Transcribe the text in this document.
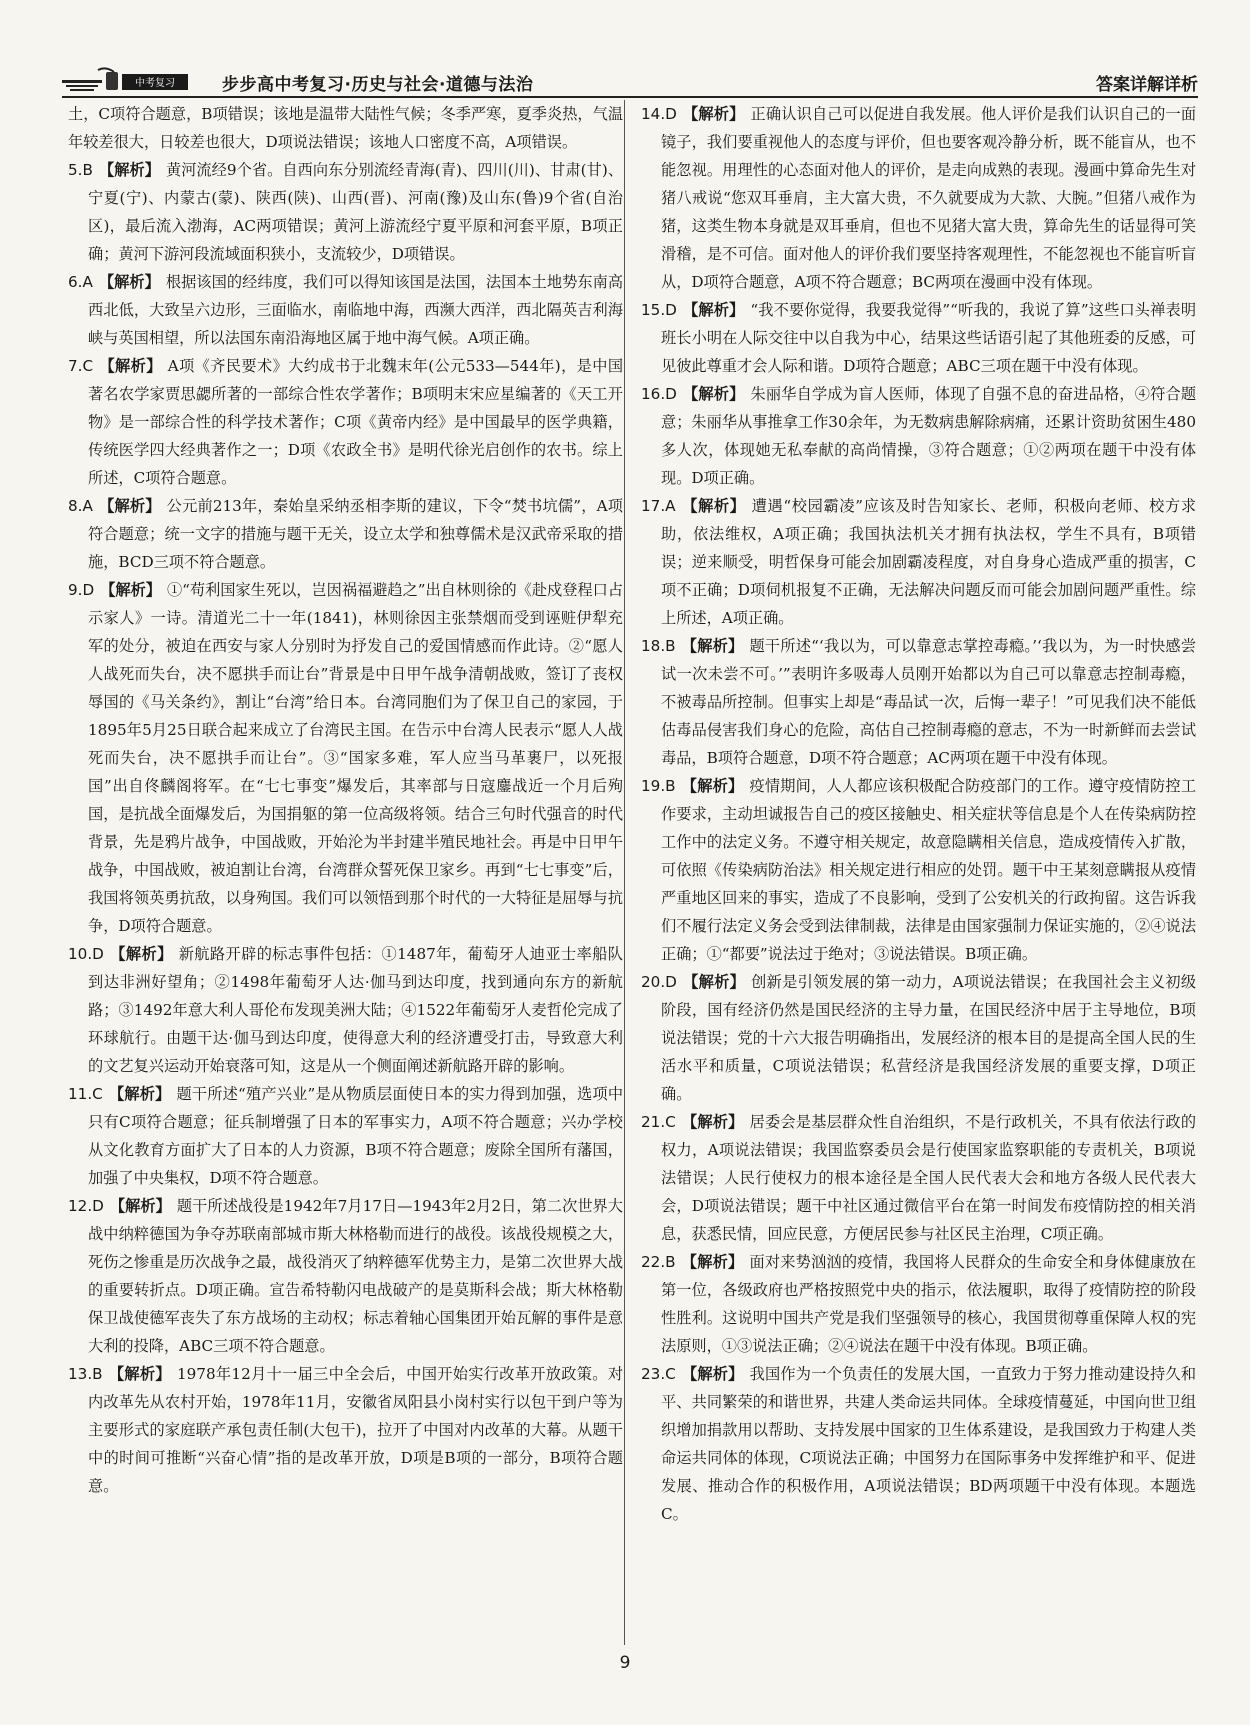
中考复习	步步高中考复习·历史与社会·道德与法治	答案详解详析

土，C项符合题意，B项错误；该地是温带大陆性气候；冬季严寒，夏季炎热，气温年较差很大，日较差也很大，D项说法错误；该地人口密度不高，A项错误。

5.B 【解析】 黄河流经9个省。自西向东分别流经青海(青)、四川(川)、甘肃(甘)、宁夏(宁)、内蒙古(蒙)、陕西(陕)、山西(晋)、河南(豫)及山东(鲁)9个省(自治区)，最后流入渤海，AC两项错误；黄河上游流经宁夏平原和河套平原，B项正确；黄河下游河段流域面积狭小，支流较少，D项错误。

6.A 【解析】 根据该国的经纬度，我们可以得知该国是法国，法国本土地势东南高西北低，大致呈六边形，三面临水，南临地中海，西濒大西洋，西北隔英吉利海峡与英国相望，所以法国东南沿海地区属于地中海气候。A项正确。

7.C 【解析】 A项《齐民要术》大约成书于北魏末年(公元533—544年)，是中国著名农学家贾思勰所著的一部综合性农学著作；B项明末宋应星编著的《天工开物》是一部综合性的科学技术著作；C项《黄帝内经》是中国最早的医学典籍，传统医学四大经典著作之一；D项《农政全书》是明代徐光启创作的农书。综上所述，C项符合题意。

8.A 【解析】 公元前213年，秦始皇采纳丞相李斯的建议，下令“焚书坑儒”，A项符合题意；统一文字的措施与题干无关，设立太学和独尊儒术是汉武帝采取的措施，BCD三项不符合题意。

9.D 【解析】 ①“苟利国家生死以，岂因祸福避趋之”出自林则徐的《赴戍登程口占示家人》一诗。清道光二十一年(1841)，林则徐因主张禁烟而受到诬赃伊犁充军的处分，被迫在西安与家人分别时为抒发自己的爱国情感而作此诗。②“愿人人战死而失台，决不愿拱手而让台”背景是中日甲午战争清朝战败，签订了丧权辱国的《马关条约》，割让“台湾”给日本。台湾同胞们为了保卫自己的家园，于1895年5月25日联合起来成立了台湾民主国。在告示中台湾人民表示“愿人人战死而失台，决不愿拱手而让台”。③“国家多难，军人应当马革裹尸，以死报国”出自佟麟阁将军。在“七七事变”爆发后，其率部与日寇鏖战近一个月后殉国，是抗战全面爆发后，为国捐躯的第一位高级将领。结合三句时代强音的时代背景，先是鸦片战争，中国战败，开始沦为半封建半殖民地社会。再是中日甲午战争，中国战败，被迫割让台湾，台湾群众誓死保卫家乡。再到“七七事变”后，我国将领英勇抗敌，以身殉国。我们可以领悟到那个时代的一大特征是屈辱与抗争，D项符合题意。

10.D 【解析】 新航路开辟的标志事件包括：①1487年，葡萄牙人迪亚士率船队到达非洲好望角；②1498年葡萄牙人达·伽马到达印度，找到通向东方的新航路；③1492年意大利人哥伦布发现美洲大陆；④1522年葡萄牙人麦哲伦完成了环球航行。由题干达·伽马到达印度，使得意大利的经济遭受打击，导致意大利的文艺复兴运动开始衰落可知，这是从一个侧面阐述新航路开辟的影响。

11.C 【解析】 题干所述“殖产兴业”是从物质层面使日本的实力得到加强，选项中只有C项符合题意；征兵制增强了日本的军事实力，A项不符合题意；兴办学校从文化教育方面扩大了日本的人力资源，B项不符合题意；废除全国所有藩国，加强了中央集权，D项不符合题意。

12.D 【解析】 题干所述战役是1942年7月17日—1943年2月2日，第二次世界大战中纳粹德国为争夺苏联南部城市斯大林格勒而进行的战役。该战役规模之大，死伤之惨重是历次战争之最，战役消灭了纳粹德军优势主力，是第二次世界大战的重要转折点。D项正确。宣告希特勒闪电战破产的是莫斯科会战；斯大林格勒保卫战使德军丧失了东方战场的主动权；标志着轴心国集团开始瓦解的事件是意大利的投降，ABC三项不符合题意。

13.B 【解析】 1978年12月十一届三中全会后，中国开始实行改革开放政策。对内改革先从农村开始，1978年11月，安徽省凤阳县小岗村实行以包干到户等为主要形式的家庭联产承包责任制(大包干)，拉开了中国对内改革的大幕。从题干中的时间可推断“兴奋心情”指的是改革开放，D项是B项的一部分，B项符合题意。

14.D 【解析】 正确认识自己可以促进自我发展。他人评价是我们认识自己的一面镜子，我们要重视他人的态度与评价，但也要客观冷静分析，既不能盲从，也不能忽视。用理性的心态面对他人的评价，是走向成熟的表现。漫画中算命先生对猪八戒说“您双耳垂肩，主大富大贵，不久就要成为大款、大腕。”但猪八戒作为猪，这类生物本身就是双耳垂肩，但也不见猪大富大贵，算命先生的话显得可笑滑稽，是不可信。面对他人的评价我们要坚持客观理性，不能忽视也不能盲听盲从，D项符合题意，A项不符合题意；BC两项在漫画中没有体现。

15.D 【解析】 “我不要你觉得，我要我觉得”“听我的，我说了算”这些口头禅表明班长小明在人际交往中以自我为中心，结果这些话语引起了其他班委的反感，可见彼此尊重才会人际和谐。D项符合题意；ABC三项在题干中没有体现。

16.D 【解析】 朱丽华自学成为盲人医师，体现了自强不息的奋进品格，④符合题意；朱丽华从事推拿工作30余年，为无数病患解除病痛，还累计资助贫困生480多人次，体现她无私奉献的高尚情操，③符合题意；①②两项在题干中没有体现。D项正确。

17.A 【解析】 遭遇“校园霸凌”应该及时告知家长、老师，积极向老师、校方求助，依法维权，A项正确；我国执法机关才拥有执法权，学生不具有，B项错误；逆来顺受，明哲保身可能会加剧霸凌程度，对自身身心造成严重的损害，C项不正确；D项伺机报复不正确，无法解决问题反而可能会加剧问题严重性。综上所述，A项正确。

18.B 【解析】 题干所述“‘我以为，可以靠意志掌控毒瘾。’‘我以为，为一时快感尝试一次未尝不可。’”表明许多吸毒人员刚开始都以为自己可以靠意志控制毒瘾，不被毒品所控制。但事实上却是“毒品试一次，后悔一辈子！”可见我们决不能低估毒品侵害我们身心的危险，高估自己控制毒瘾的意志，不为一时新鲜而去尝试毒品，B项符合题意，D项不符合题意；AC两项在题干中没有体现。

19.B 【解析】 疫情期间，人人都应该积极配合防疫部门的工作。遵守疫情防控工作要求，主动坦诚报告自己的疫区接触史、相关症状等信息是个人在传染病防控工作中的法定义务。不遵守相关规定，故意隐瞒相关信息，造成疫情传入扩散，可依照《传染病防治法》相关规定进行相应的处罚。题干中王某刻意瞒报从疫情严重地区回来的事实，造成了不良影响，受到了公安机关的行政拘留。这告诉我们不履行法定义务会受到法律制裁，法律是由国家强制力保证实施的，②④说法正确；①“都要”说法过于绝对；③说法错误。B项正确。

20.D 【解析】 创新是引领发展的第一动力，A项说法错误；在我国社会主义初级阶段，国有经济仍然是国民经济的主导力量，在国民经济中居于主导地位，B项说法错误；党的十六大报告明确指出，发展经济的根本目的是提高全国人民的生活水平和质量，C项说法错误；私营经济是我国经济发展的重要支撑，D项正确。

21.C 【解析】 居委会是基层群众性自治组织，不是行政机关，不具有依法行政的权力，A项说法错误；我国监察委员会是行使国家监察职能的专责机关，B项说法错误；人民行使权力的根本途径是全国人民代表大会和地方各级人民代表大会，D项说法错误；题干中社区通过微信平台在第一时间发布疫情防控的相关消息，获悉民情，回应民意，方便居民参与社区民主治理，C项正确。

22.B 【解析】 面对来势汹汹的疫情，我国将人民群众的生命安全和身体健康放在第一位，各级政府也严格按照党中央的指示，依法履职，取得了疫情防控的阶段性胜利。这说明中国共产党是我们坚强领导的核心，我国贯彻尊重保障人权的宪法原则，①③说法正确；②④说法在题干中没有体现。B项正确。

23.C 【解析】 我国作为一个负责任的发展大国，一直致力于努力推动建设持久和平、共同繁荣的和谐世界，共建人类命运共同体。全球疫情蔓延，中国向世卫组织增加捐款用以帮助、支持发展中国家的卫生体系建设，是我国致力于构建人类命运共同体的体现，C项说法正确；中国努力在国际事务中发挥维护和平、促进发展、推动合作的积极作用，A项说法错误；BD两项题干中没有体现。本题选C。

9
